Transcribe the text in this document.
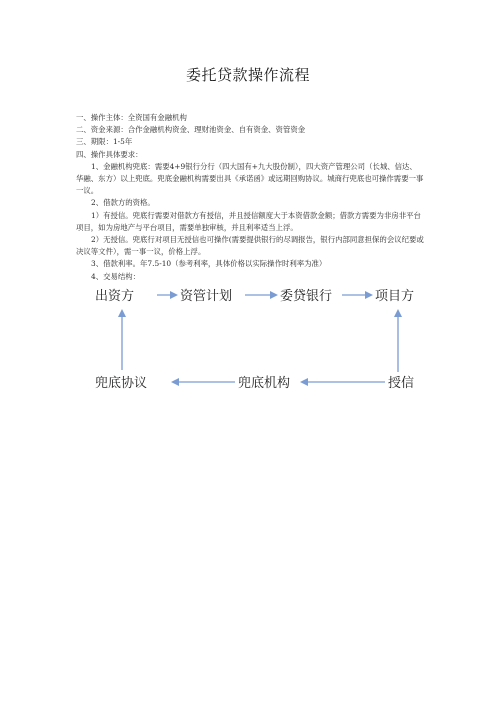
委托贷款操作流程

一、操作主体：全资国有金融机构

二、资金来源：合作金融机构资金、理财池资金、自有资金、资管资金

三、期限：1-5年

四、操作具体要求：

1、金融机构兜底：需要4+9银行分行（四大国有+九大股份制），四大资产管理公司（长城、信达、华融、东方）以上兜底。兜底金融机构需要出具《承诺函》或远期回购协议。城商行兜底也可操作需要一事一议。

2、借款方的资格。

1）有授信。兜底行需要对借款方有授信，并且授信额度大于本资借款金额；借款方需要为非房非平台项目，如为房地产与平台项目，需要单独审核，并且利率适当上浮。

2）无授信。兜底行对项目无授信也可操作(需要提供银行的尽调报告，银行内部同意担保的会议纪要或决议等文件），需一事一议，价格上浮。

3、借款利率。年7.5-10（参考利率，具体价格以实际操作时利率为准）

4、交易结构：

出资方	资管计划	委贷银行	项目方
兜底协议	兜底机构	授信
